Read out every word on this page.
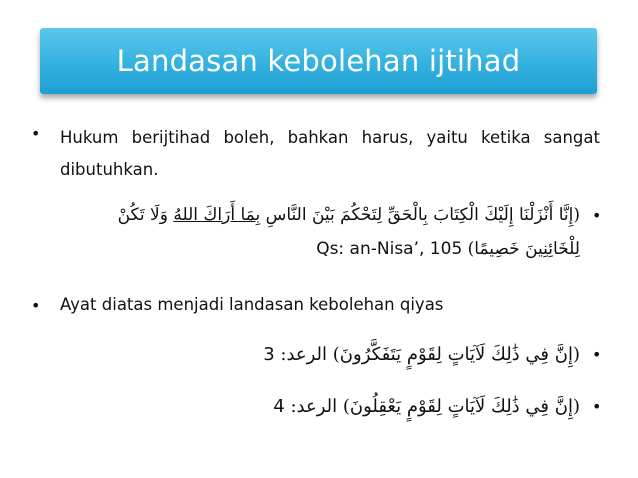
Landasan kebolehan ijtihad
• Hukum berijtihad boleh, bahkan harus, yaitu ketika sangat dibutuhkan.
•
(إِنَّا أَنْزَلْنَا إِلَيْكَ الْكِتَابَ بِالْحَقِّ لِتَحْكُمَ بَيْنَ النَّاسِ بِمَا أَرَاكَ اللهُ وَلَا تَكُنْ
لِلْخَائِنِينَ خَصِيمًا) Qs: an-Nisa’, 105
• Ayat diatas menjadi landasan kebolehan qiyas
•
(إِنَّ فِي ذَٰلِكَ لَآيَاتٍ لِقَوْمٍ يَتَفَكَّرُونَ) الرعد: 3
•
(إِنَّ فِي ذَٰلِكَ لَآيَاتٍ لِقَوْمٍ يَعْقِلُونَ) الرعد: 4
